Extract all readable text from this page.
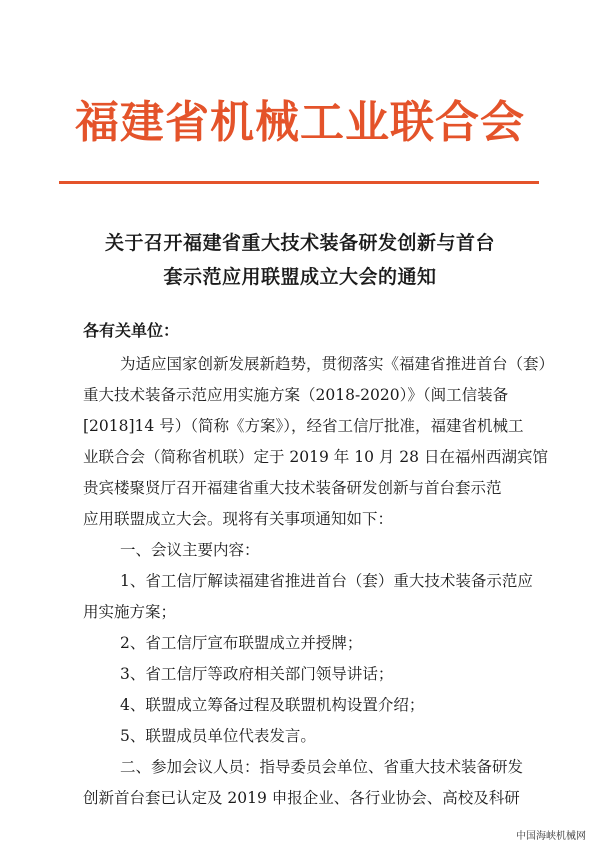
福建省机械工业联合会
关于召开福建省重大技术装备研发创新与首台
套示范应用联盟成立大会的通知
各有关单位：
为适应国家创新发展新趋势，贯彻落实《福建省推进首台（套）
重大技术装备示范应用实施方案（2018-2020）》（闽工信装备
[2018]14 号）（简称《方案》），经省工信厅批准，福建省机械工
业联合会（简称省机联）定于 2019 年 10 月 28 日在福州西湖宾馆
贵宾楼聚贤厅召开福建省重大技术装备研发创新与首台套示范
应用联盟成立大会。现将有关事项通知如下：
一、会议主要内容：
1、省工信厅解读福建省推进首台（套）重大技术装备示范应
用实施方案；
2、省工信厅宣布联盟成立并授牌；
3、省工信厅等政府相关部门领导讲话；
4、联盟成立筹备过程及联盟机构设置介绍；
5、联盟成员单位代表发言。
二、参加会议人员：指导委员会单位、省重大技术装备研发
创新首台套已认定及 2019 申报企业、各行业协会、高校及科研
中国海峡机械网
